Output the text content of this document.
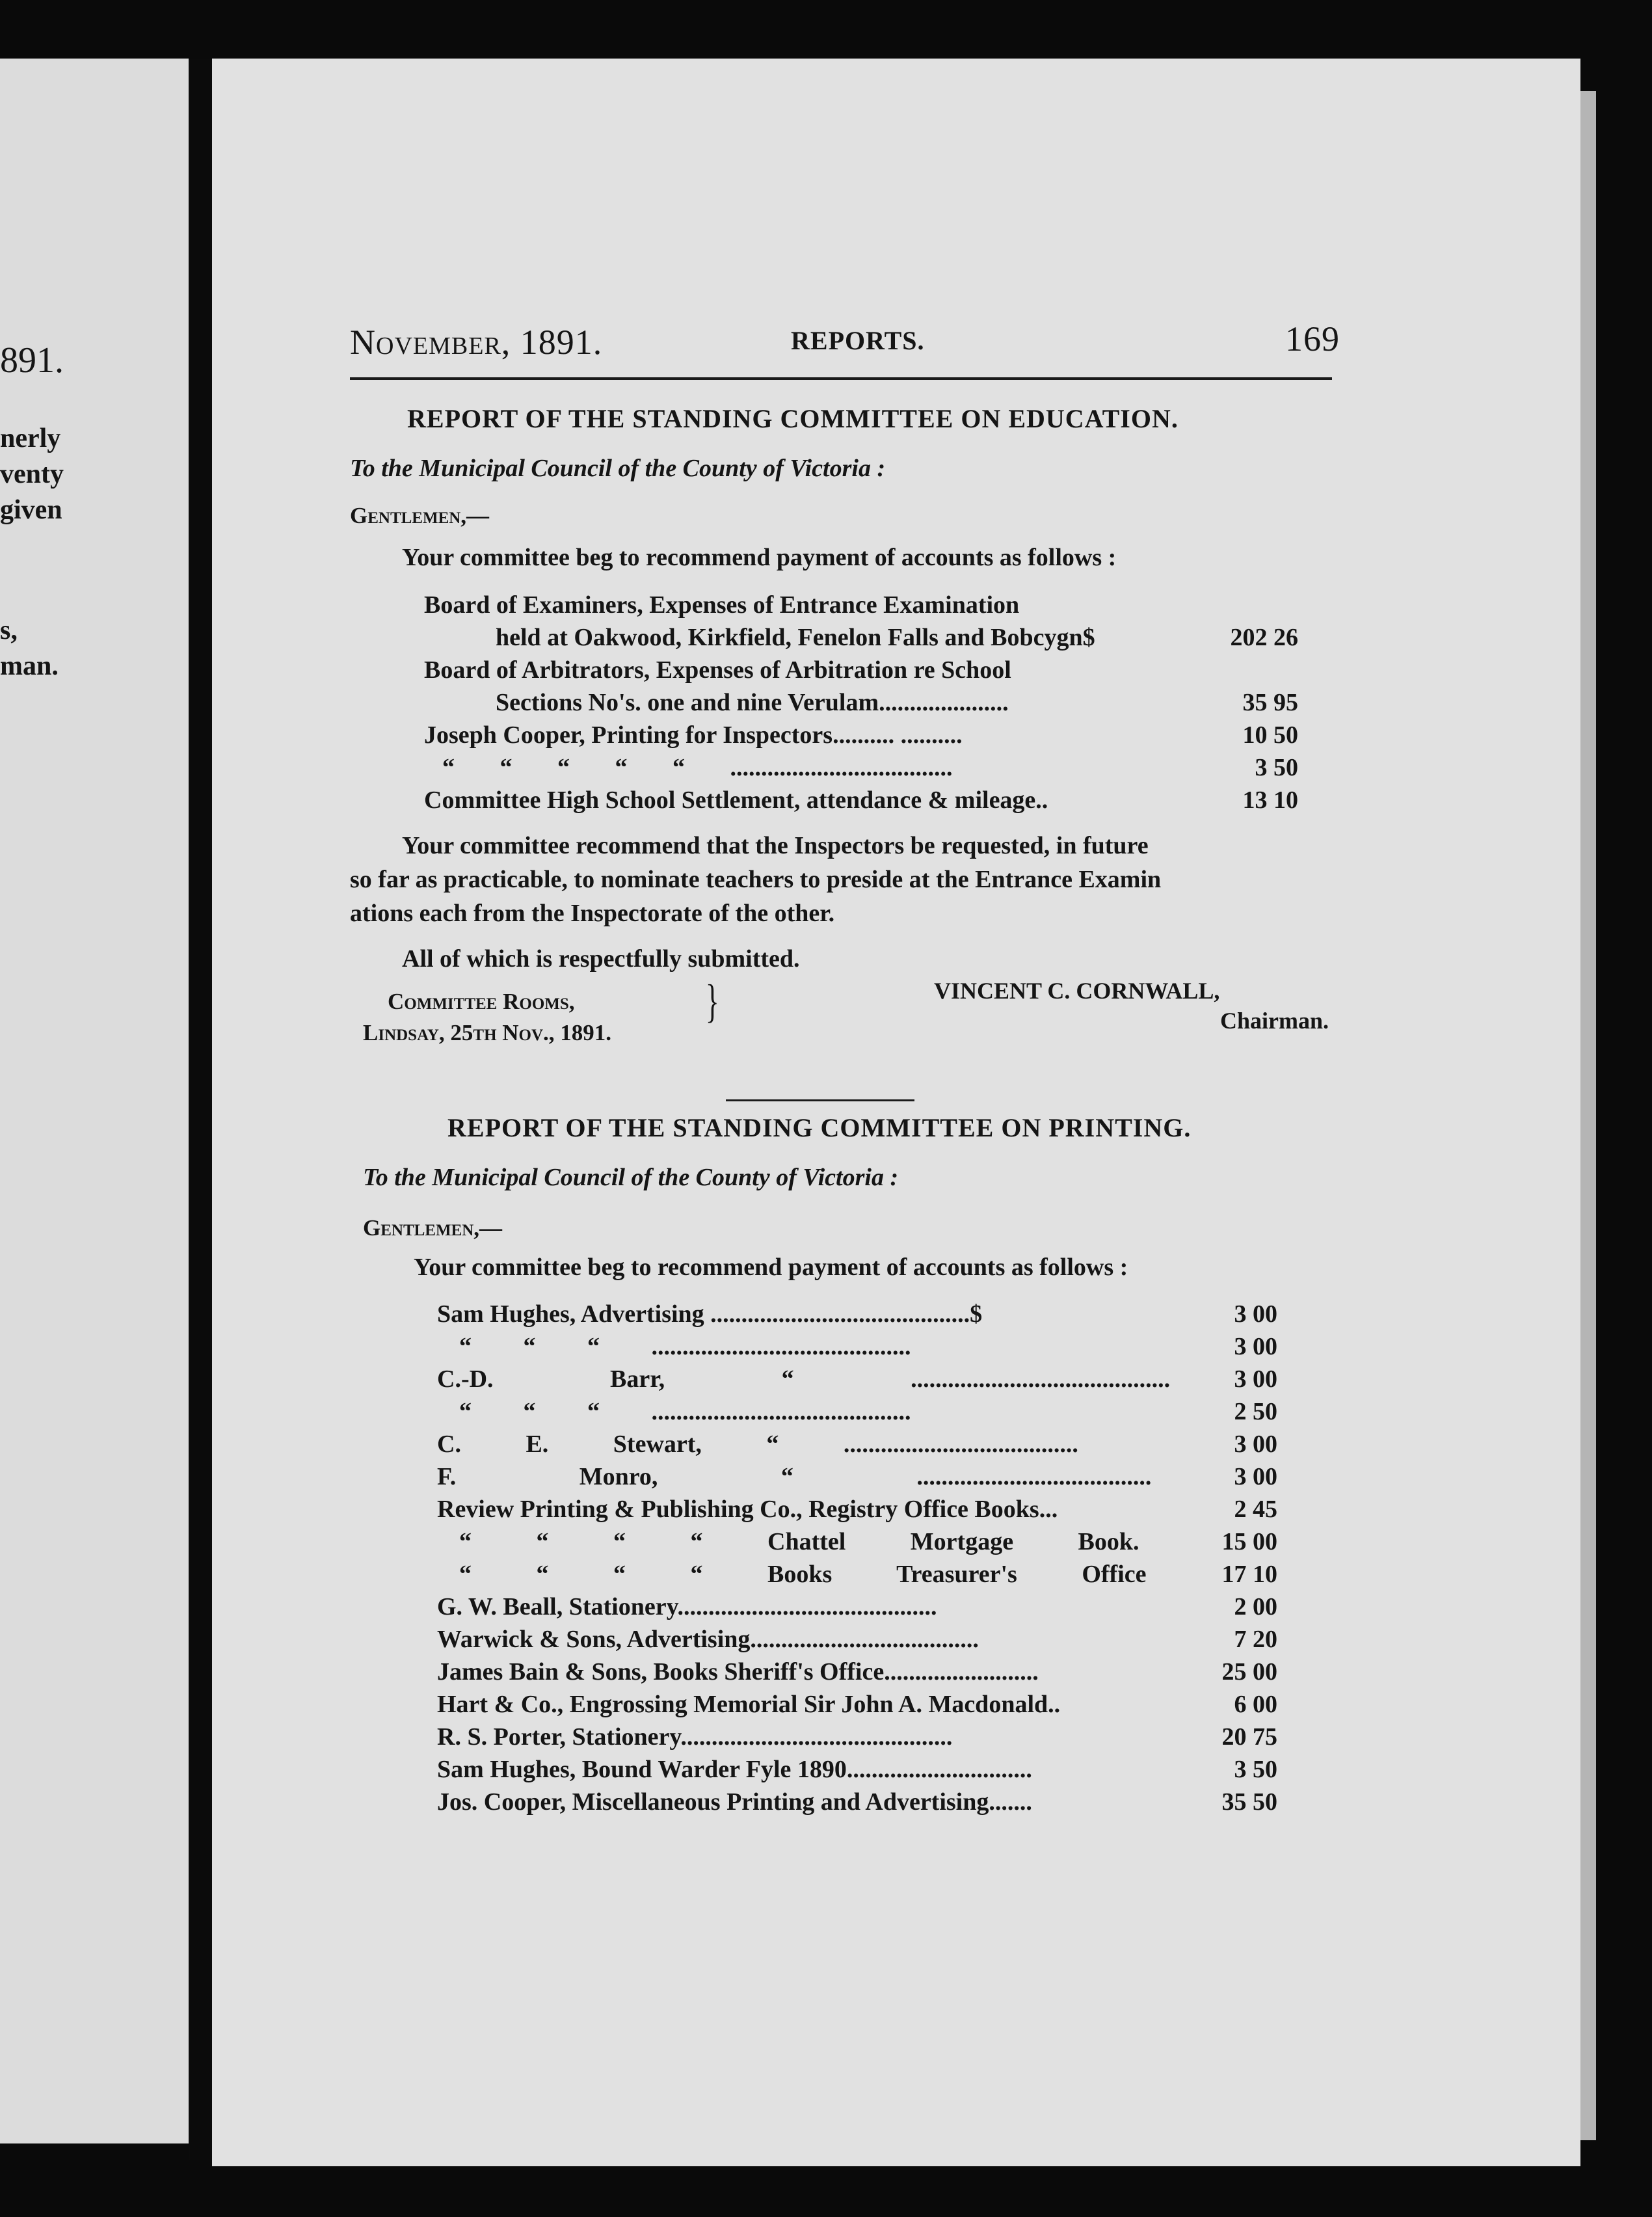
891.
nerly
venty
given
s,
man.
November, 1891.	REPORTS.	169
REPORT OF THE STANDING COMMITTEE ON EDUCATION.
To the Municipal Council of the County of Victoria :
Gentlemen,—
Your committee beg to recommend payment of accounts as follows :
Board of Examiners, Expenses of Entrance Examination
held at Oakwood, Kirkfield, Fenelon Falls and Bobcygn$	202 26
Board of Arbitrators, Expenses of Arbitration re School
Sections No's. one and nine Verulam.....................	35 95
Joseph Cooper, Printing for Inspectors.......... ..........	10 50
“ “ “ “ “ ....................................	3 50
Committee High School Settlement, attendance & mileage..	13 10
Your committee recommend that the Inspectors be requested, in future
so far as practicable, to nominate teachers to preside at the Entrance Examin
ations each from the Inspectorate of the other.
All of which is respectfully submitted.
Committee Rooms,
Lindsay, 25th Nov., 1891.
}	VINCENT C. CORNWALL,
Chairman.
REPORT OF THE STANDING COMMITTEE ON PRINTING.
To the Municipal Council of the County of Victoria :
Gentlemen,—
Your committee beg to recommend payment of accounts as follows :
Sam Hughes, Advertising ..........................................$	3 00
“ “ “ ..........................................	3 00
C.-D. Barr, “ ..........................................	3 00
“ “ “ ..........................................	2 50
C. E. Stewart, “ ......................................	3 00
F. Monro, “ ......................................	3 00
Review Printing & Publishing Co., Registry Office Books...	2 45
“ “ “ “ Chattel Mortgage Book.	15 00
“ “ “ “ Books Treasurer's Office	17 10
G. W. Beall, Stationery..........................................	2 00
Warwick & Sons, Advertising.....................................	7 20
James Bain & Sons, Books Sheriff's Office.........................	25 00
Hart & Co., Engrossing Memorial Sir John A. Macdonald..	6 00
R. S. Porter, Stationery............................................	20 75
Sam Hughes, Bound Warder Fyle 1890..............................	3 50
Jos. Cooper, Miscellaneous Printing and Advertising.......	35 50
